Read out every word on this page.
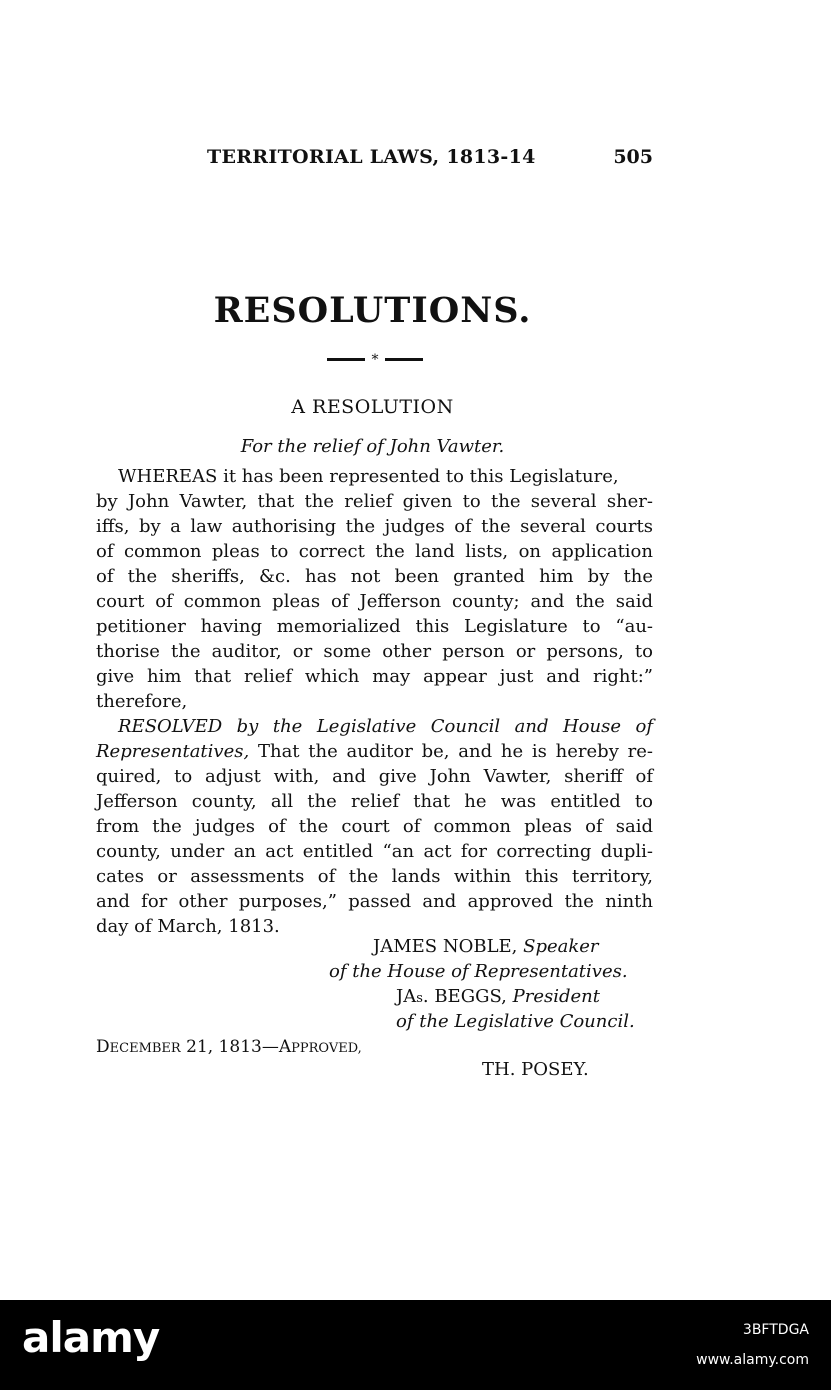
TERRITORIAL LAWS, 1813-14	505
RESOLUTIONS.
*
A RESOLUTION
For the relief of John Vawter.
WHEREAS it has been represented to this Legislature,
by John Vawter, that the relief given to the several sher-
iffs, by a law authorising the judges of the several courts
of common pleas to correct the land lists, on application
of the sheriffs, &c. has not been granted him by the
court of common pleas of Jefferson county; and the said
petitioner having memorialized this Legislature to “au-
thorise the auditor, or some other person or persons, to
give him that relief which may appear just and right:”
therefore,
RESOLVED by the Legislative Council and House of
Representatives, That the auditor be, and he is hereby re-
quired, to adjust with, and give John Vawter, sheriff of
Jefferson county, all the relief that he was entitled to
from the judges of the court of common pleas of said
county, under an act entitled “an act for correcting dupli-
cates or assessments of the lands within this territory,
and for other purposes,” passed and approved the ninth
day of March, 1813.
JAMES NOBLE, Speaker
of the House of Representatives.
JAs. BEGGS, President
of the Legislative Council.
DECEMBER 21, 1813—APPROVED,
TH. POSEY.
alamy	3BFTDGA
www.alamy.com
